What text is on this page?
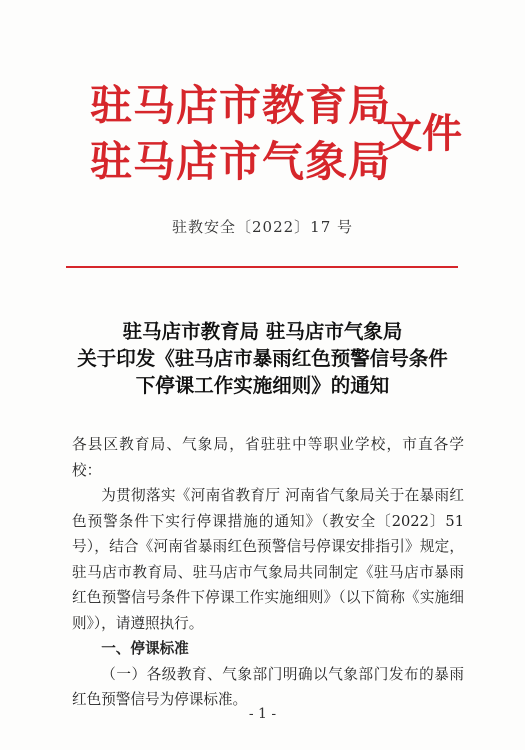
驻马店市教育局
驻马店市气象局
文件
驻教安全〔2022〕17 号
驻马店市教育局 驻马店市气象局
关于印发《驻马店市暴雨红色预警信号条件
下停课工作实施细则》的通知

各县区教育局、气象局，省驻驻中等职业学校，市直各学校：

为贯彻落实《河南省教育厅 河南省气象局关于在暴雨红色预警条件下实行停课措施的通知》（教安全〔2022〕51号），结合《河南省暴雨红色预警信号停课安排指引》规定，驻马店市教育局、驻马店市气象局共同制定《驻马店市暴雨红色预警信号条件下停课工作实施细则》（以下简称《实施细则》），请遵照执行。

一、停课标准

（一）各级教育、气象部门明确以气象部门发布的暴雨红色预警信号为停课标准。

- 1 -
